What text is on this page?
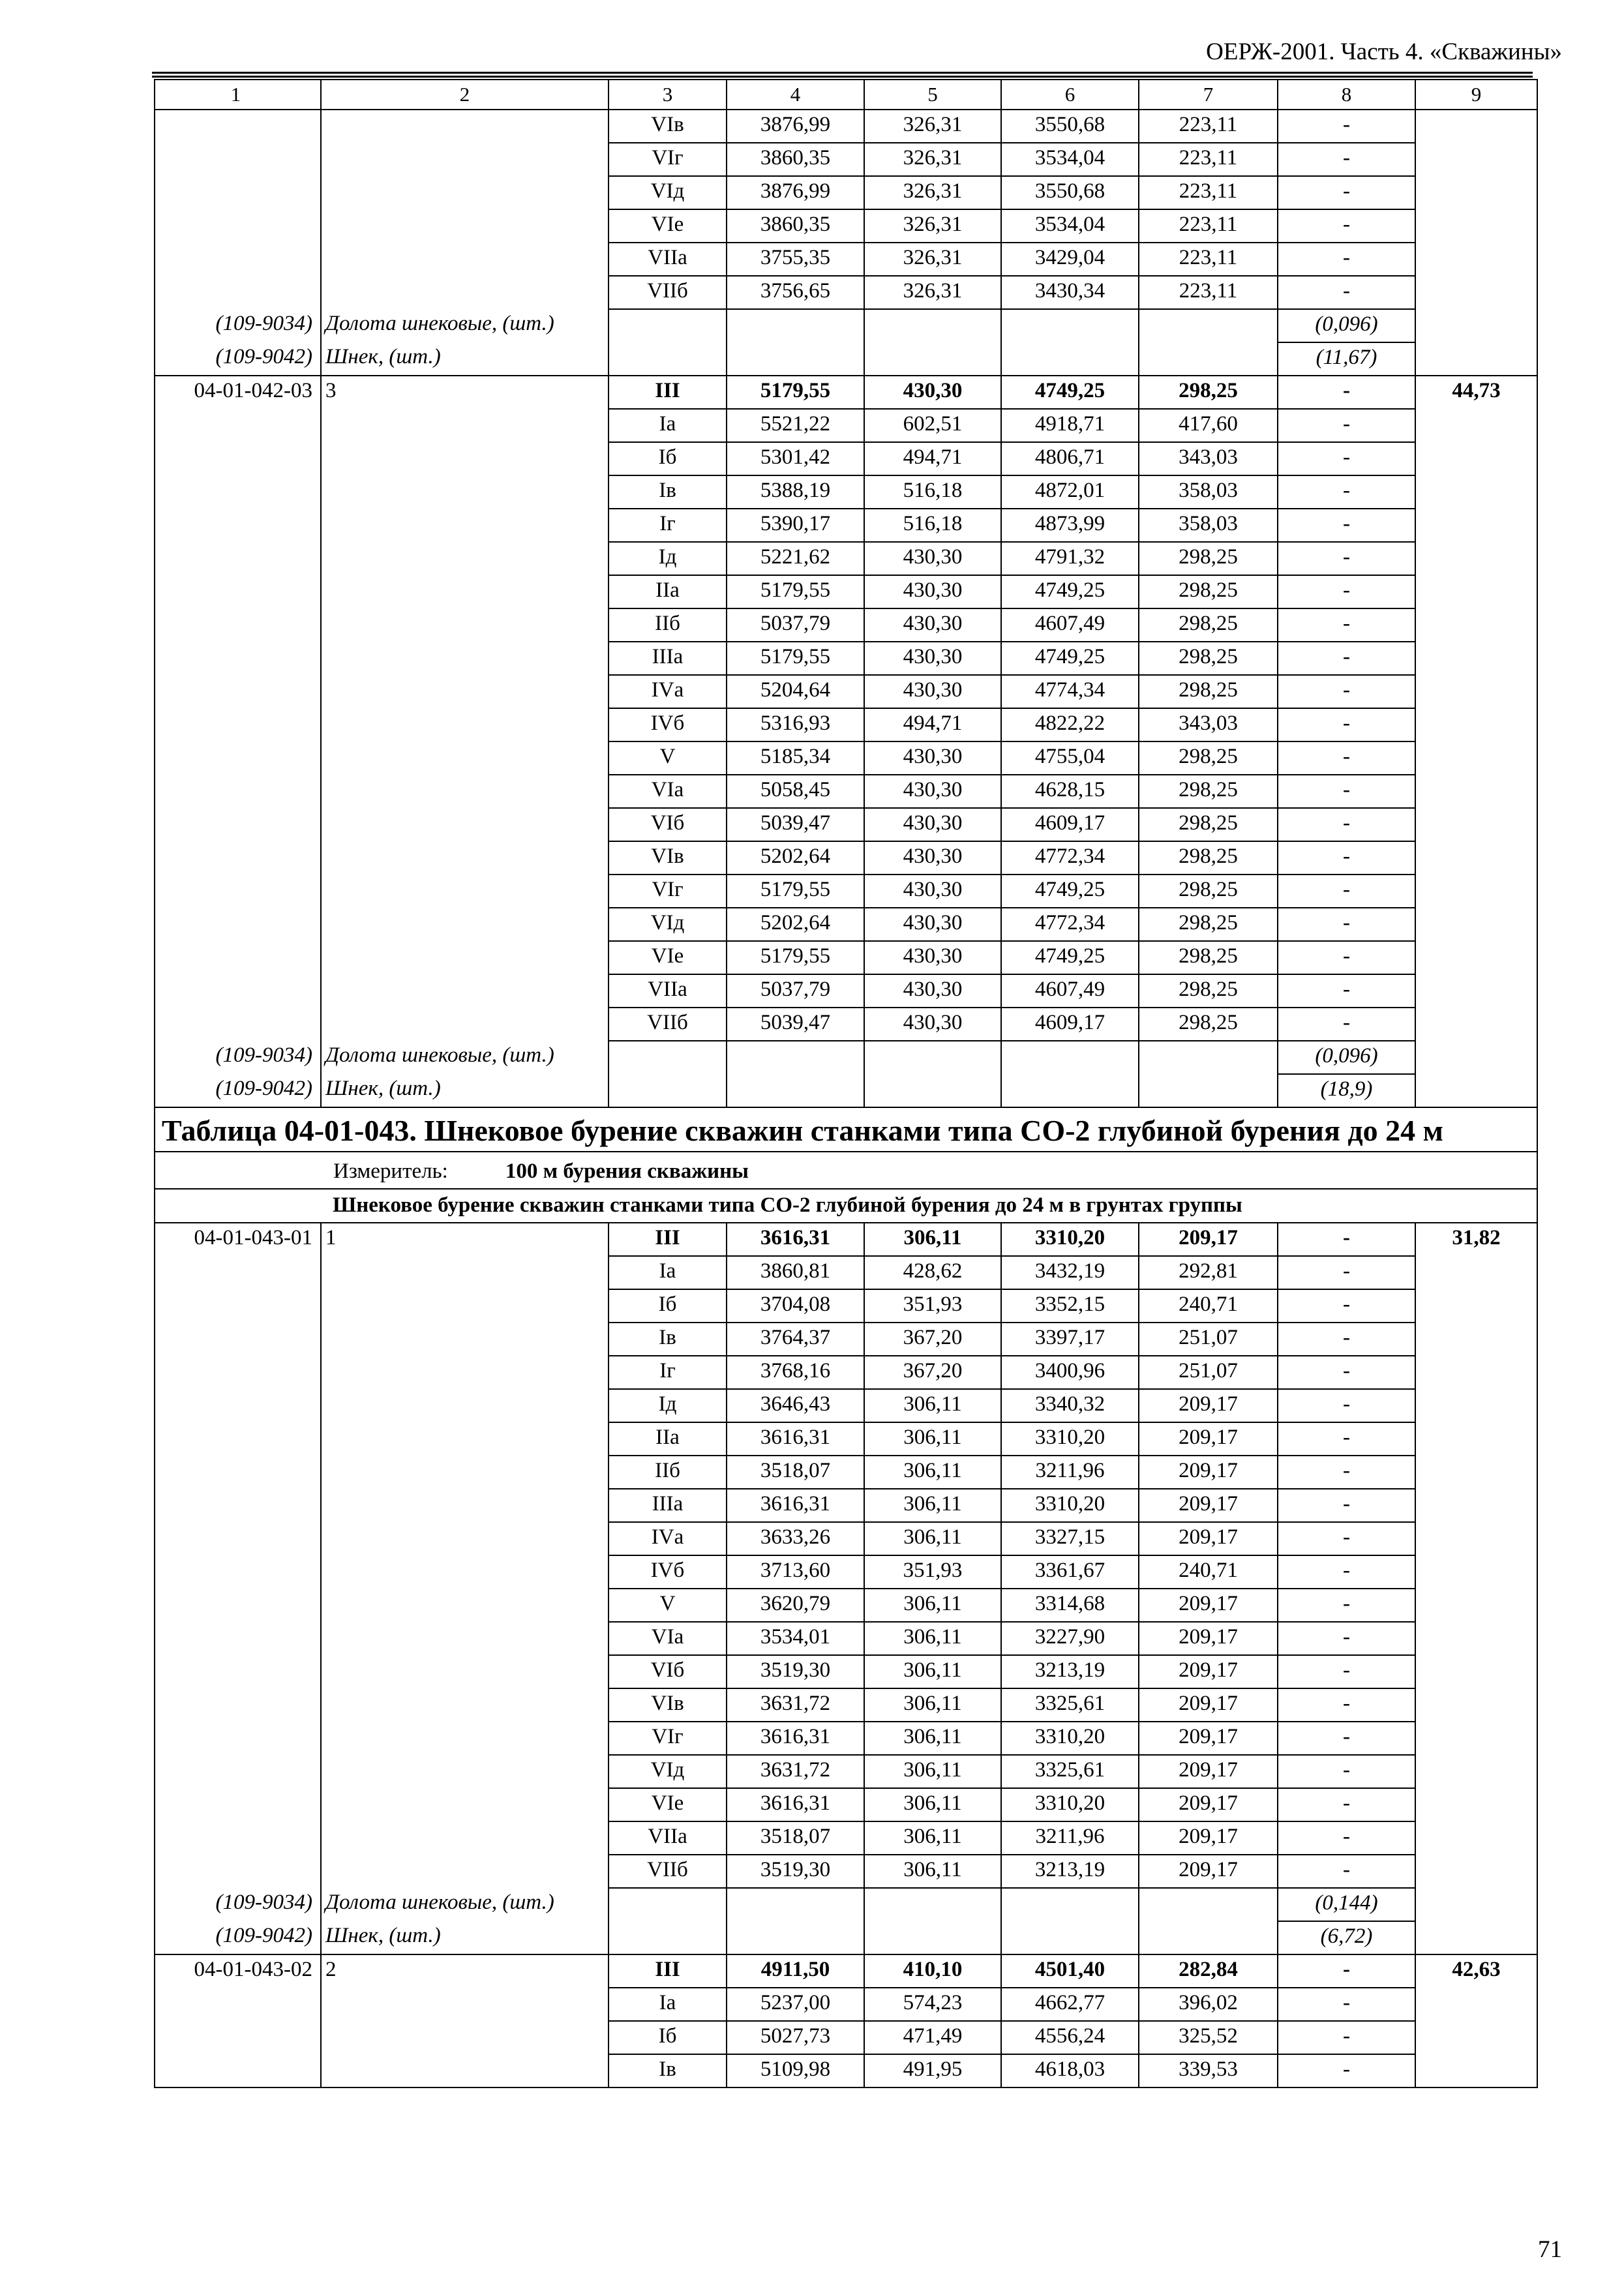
ОЕРЖ-2001. Часть 4. «Скважины»
1	2	3	4	5	6	7	8	9
		VIв	3876,99	326,31	3550,68	223,11	-	
		VIг	3860,35	326,31	3534,04	223,11	-	
		VIд	3876,99	326,31	3550,68	223,11	-	
		VIе	3860,35	326,31	3534,04	223,11	-	
		VIIа	3755,35	326,31	3429,04	223,11	-	
		VIIб	3756,65	326,31	3430,34	223,11	-	
(109-9034)	Долота шнековые, (шт.)						(0,096)	
(109-9042)	Шнек, (шт.)						(11,67)	
04-01-042-03	3	III	5179,55	430,30	4749,25	298,25	-	44,73
		Iа	5521,22	602,51	4918,71	417,60	-	
		Iб	5301,42	494,71	4806,71	343,03	-	
		Iв	5388,19	516,18	4872,01	358,03	-	
		Iг	5390,17	516,18	4873,99	358,03	-	
		Iд	5221,62	430,30	4791,32	298,25	-	
		IIа	5179,55	430,30	4749,25	298,25	-	
		IIб	5037,79	430,30	4607,49	298,25	-	
		IIIа	5179,55	430,30	4749,25	298,25	-	
		IVа	5204,64	430,30	4774,34	298,25	-	
		IVб	5316,93	494,71	4822,22	343,03	-	
		V	5185,34	430,30	4755,04	298,25	-	
		VIа	5058,45	430,30	4628,15	298,25	-	
		VIб	5039,47	430,30	4609,17	298,25	-	
		VIв	5202,64	430,30	4772,34	298,25	-	
		VIг	5179,55	430,30	4749,25	298,25	-	
		VIд	5202,64	430,30	4772,34	298,25	-	
		VIе	5179,55	430,30	4749,25	298,25	-	
		VIIа	5037,79	430,30	4607,49	298,25	-	
		VIIб	5039,47	430,30	4609,17	298,25	-	
(109-9034)	Долота шнековые, (шт.)						(0,096)	
(109-9042)	Шнек, (шт.)						(18,9)	
Таблица 04-01-043. Шнековое бурение скважин станками типа СО-2 глубиной бурения до 24 м								
Измеритель: 100 м бурения скважины								
Шнековое бурение скважин станками типа СО-2 глубиной бурения до 24 м в грунтах группы								
04-01-043-01	1	III	3616,31	306,11	3310,20	209,17	-	31,82
		Iа	3860,81	428,62	3432,19	292,81	-	
		Iб	3704,08	351,93	3352,15	240,71	-	
		Iв	3764,37	367,20	3397,17	251,07	-	
		Iг	3768,16	367,20	3400,96	251,07	-	
		Iд	3646,43	306,11	3340,32	209,17	-	
		IIа	3616,31	306,11	3310,20	209,17	-	
		IIб	3518,07	306,11	3211,96	209,17	-	
		IIIа	3616,31	306,11	3310,20	209,17	-	
		IVа	3633,26	306,11	3327,15	209,17	-	
		IVб	3713,60	351,93	3361,67	240,71	-	
		V	3620,79	306,11	3314,68	209,17	-	
		VIа	3534,01	306,11	3227,90	209,17	-	
		VIб	3519,30	306,11	3213,19	209,17	-	
		VIв	3631,72	306,11	3325,61	209,17	-	
		VIг	3616,31	306,11	3310,20	209,17	-	
		VIд	3631,72	306,11	3325,61	209,17	-	
		VIе	3616,31	306,11	3310,20	209,17	-	
		VIIа	3518,07	306,11	3211,96	209,17	-	
		VIIб	3519,30	306,11	3213,19	209,17	-	
(109-9034)	Долота шнековые, (шт.)						(0,144)	
(109-9042)	Шнек, (шт.)						(6,72)	
04-01-043-02	2	III	4911,50	410,10	4501,40	282,84	-	42,63
		Iа	5237,00	574,23	4662,77	396,02	-	
		Iб	5027,73	471,49	4556,24	325,52	-	
		Iв	5109,98	491,95	4618,03	339,53	-	
71
